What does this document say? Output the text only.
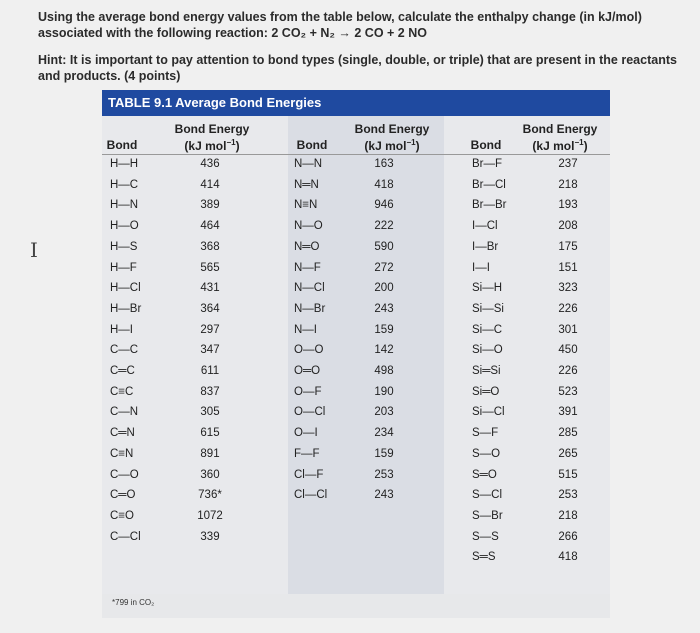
Using the average bond energy values from the table below, calculate the enthalpy change (in kJ/mol) associated with the following reaction: 2 CO₂ + N₂ → 2 CO + 2 NO
Hint: It is important to pay attention to bond types (single, double, or triple) that are present in the reactants and products. (4 points)
I
TABLE 9.1 Average Bond Energies
Bond
Bond Energy
(kJ mol$^{-1}$)	Bond
Bond Energy
(kJ mol$^{-1}$)	Bond
Bond Energy
(kJ mol$^{-1}$)
H—H	436
H—C	414
H—N	389
H—O	464
H—S	368
H—F	565
H—Cl	431
H—Br	364
H—I	297
C—C	347
C═C	611
C≡C	837
C—N	305
C═N	615
C≡N	891
C—O	360
C═O	736*
C≡O	1072
C—Cl	339
N—N	163
N═N	418
N≡N	946
N—O	222
N═O	590
N—F	272
N—Cl	200
N—Br	243
N—I	159
O—O	142
O═O	498
O—F	190
O—Cl	203
O—I	234
F—F	159
Cl—F	253
Cl—Cl	243
Br—F	237
Br—Cl	218
Br—Br	193
I—Cl	208
I—Br	175
I—I	151
Si—H	323
Si—Si	226
Si—C	301
Si—O	450
Si═Si	226
Si═O	523
Si—Cl	391
S—F	285
S—O	265
S═O	515
S—Cl	253
S—Br	218
S—S	266
S═S	418
*799 in CO₂
